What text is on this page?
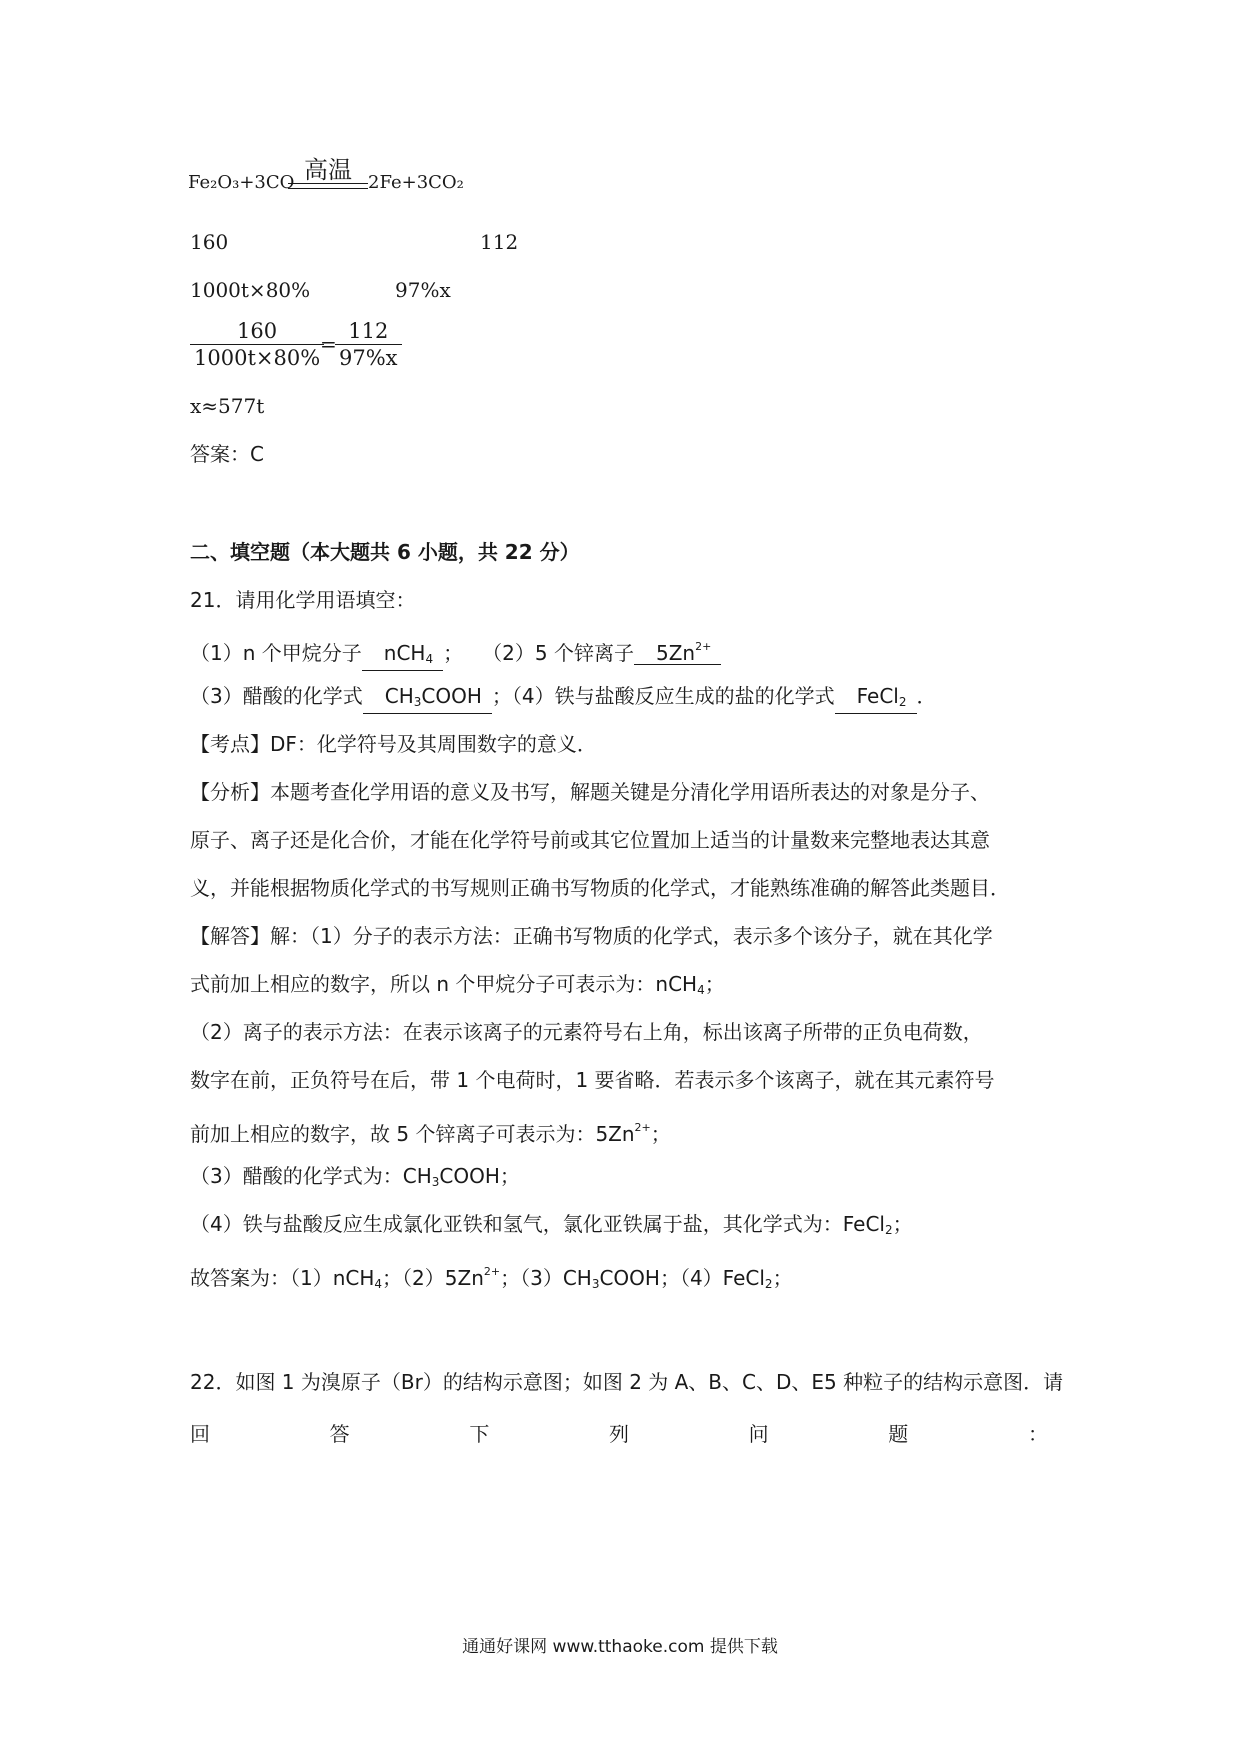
Fe₂O₃+3CO 高温 2Fe+3CO₂
160	112
1000t×80%	97%x
$\frac{160}{1000t\times 80\%}$
=
$\frac{112}{97\%x}$
x≈577t
答案：C
二、填空题（本大题共 6 小题，共 22 分）
21．请用化学用语填空：
（1）n 个甲烷分子 nCH$_4$ ； （2）5 个锌离子 $5Zn^{2+}$
（3）醋酸的化学式 $CH_3COOH$ ；（4）铁与盐酸反应生成的盐的化学式 FeCl$_2$ ．
【考点】DF：化学符号及其周围数字的意义．
【分析】本题考查化学用语的意义及书写，解题关键是分清化学用语所表达的对象是分子、
原子、离子还是化合价，才能在化学符号前或其它位置加上适当的计量数来完整地表达其意
义，并能根据物质化学式的书写规则正确书写物质的化学式，才能熟练准确的解答此类题目．
【解答】解：（1）分子的表示方法：正确书写物质的化学式，表示多个该分子，就在其化学
式前加上相应的数字，所以 n 个甲烷分子可表示为：nCH$_4$；
（2）离子的表示方法：在表示该离子的元素符号右上角，标出该离子所带的正负电荷数，
数字在前，正负符号在后，带 1 个电荷时，1 要省略．若表示多个该离子，就在其元素符号
前加上相应的数字，故 5 个锌离子可表示为：$5Zn^{2+}$；
（3）醋酸的化学式为：$CH_3COOH$；
（4）铁与盐酸反应生成氯化亚铁和氢气，氯化亚铁属于盐，其化学式为：FeCl$_2$；
故答案为：（1）nCH$_4$；$(2)5Zn^{2+}$；$(3)CH_3COOH$；（4）FeCl$_2$；
22．如图 1 为溴原子（Br）的结构示意图；如图 2 为 A、B、C、D、E5 种粒子的结构示意图．请
回	答	下	列	问	题	：
通通好课网 www.tthaoke.com 提供下载
